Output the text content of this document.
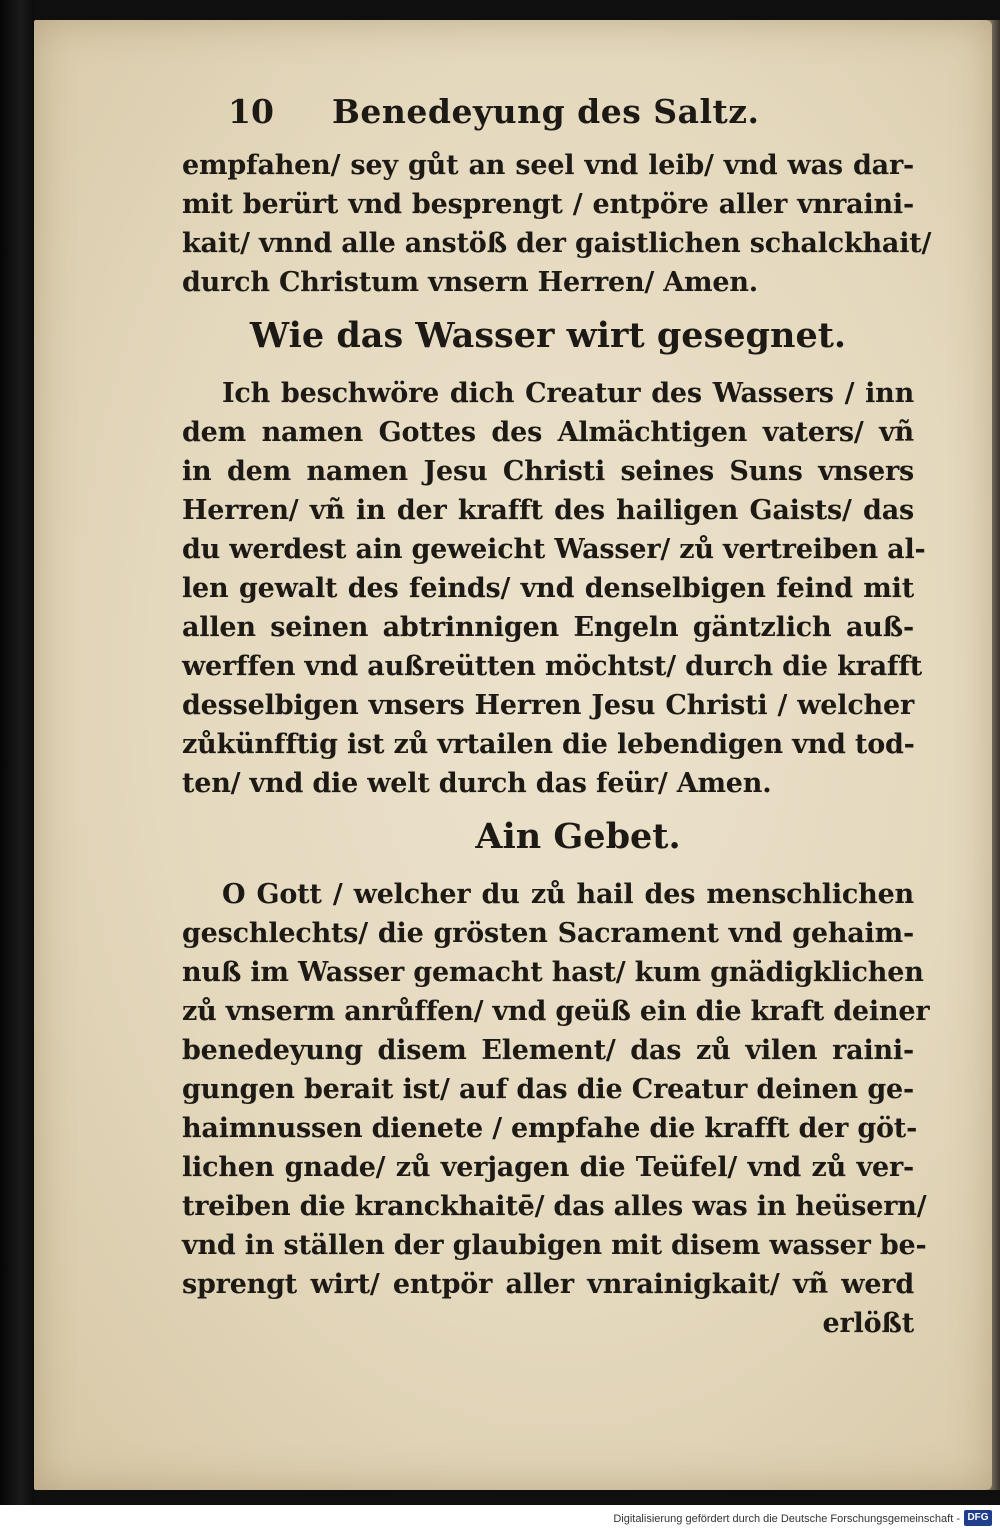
10	Benedeyung des Saltz.
empfahen/ sey gůt an seel vnd leib/ vnd was dar-
mit berürt vnd besprengt / entpöre aller vnraini-
kait/ vnnd alle anstöß der gaistlichen schalckhait/
durch Christum vnsern Herren/ Amen.
Wie das Wasser wirt gesegnet.
Ich beschwöre dich Creatur des Wassers / inn
dem namen Gottes des Almächtigen vaters/ vñ
in dem namen Jesu Christi seines Suns vnsers
Herren/ vñ in der krafft des hailigen Gaists/ das
du werdest ain geweicht Wasser/ zů vertreiben al-
len gewalt des feinds/ vnd denselbigen feind mit
allen seinen abtrinnigen Engeln gäntzlich auß-
werffen vnd außreütten möchtst/ durch die krafft
desselbigen vnsers Herren Jesu Christi / welcher
zůkünfftig ist zů vrtailen die lebendigen vnd tod-
ten/ vnd die welt durch das feür/ Amen.
Ain Gebet.
O Gott / welcher du zů hail des menschlichen
geschlechts/ die grösten Sacrament vnd gehaim-
nuß im Wasser gemacht hast/ kum gnädigklichen
zů vnserm anrůffen/ vnd geüß ein die kraft deiner
benedeyung disem Element/ das zů vilen raini-
gungen berait ist/ auf das die Creatur deinen ge-
haimnussen dienete / empfahe die krafft der göt-
lichen gnade/ zů verjagen die Teüfel/ vnd zů ver-
treiben die kranckhaitē/ das alles was in heüsern/
vnd in ställen der glaubigen mit disem wasser be-
sprengt wirt/ entpör aller vnrainigkait/ vñ werd
erlößt
Digitalisierung gefördert durch die Deutsche Forschungsgemeinschaft - DFG
